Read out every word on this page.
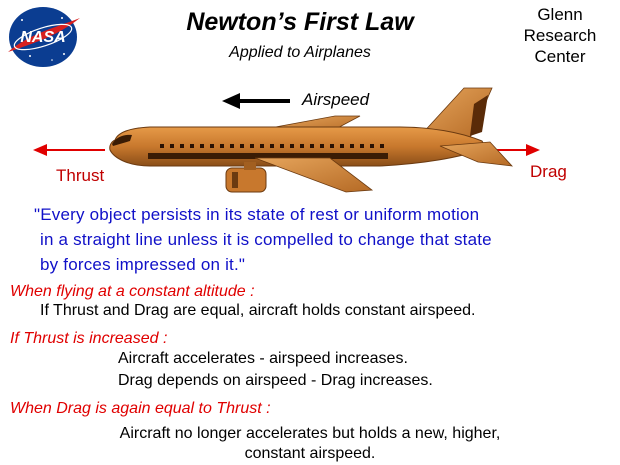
NASA
Newton’s First Law
Applied to Airplanes
Glenn
Research
Center
Airspeed
Thrust	Drag
"Every object persists in its state of rest or uniform motion
in a straight line unless it is compelled to change that state
by forces impressed on it."
When flying at a constant altitude :
If Thrust and Drag are equal, aircraft holds constant airspeed.
If Thrust is increased :
Aircraft accelerates - airspeed increases.
Drag depends on airspeed - Drag increases.
When Drag is again equal to Thrust :
Aircraft no longer accelerates but holds a new, higher,
constant airspeed.
